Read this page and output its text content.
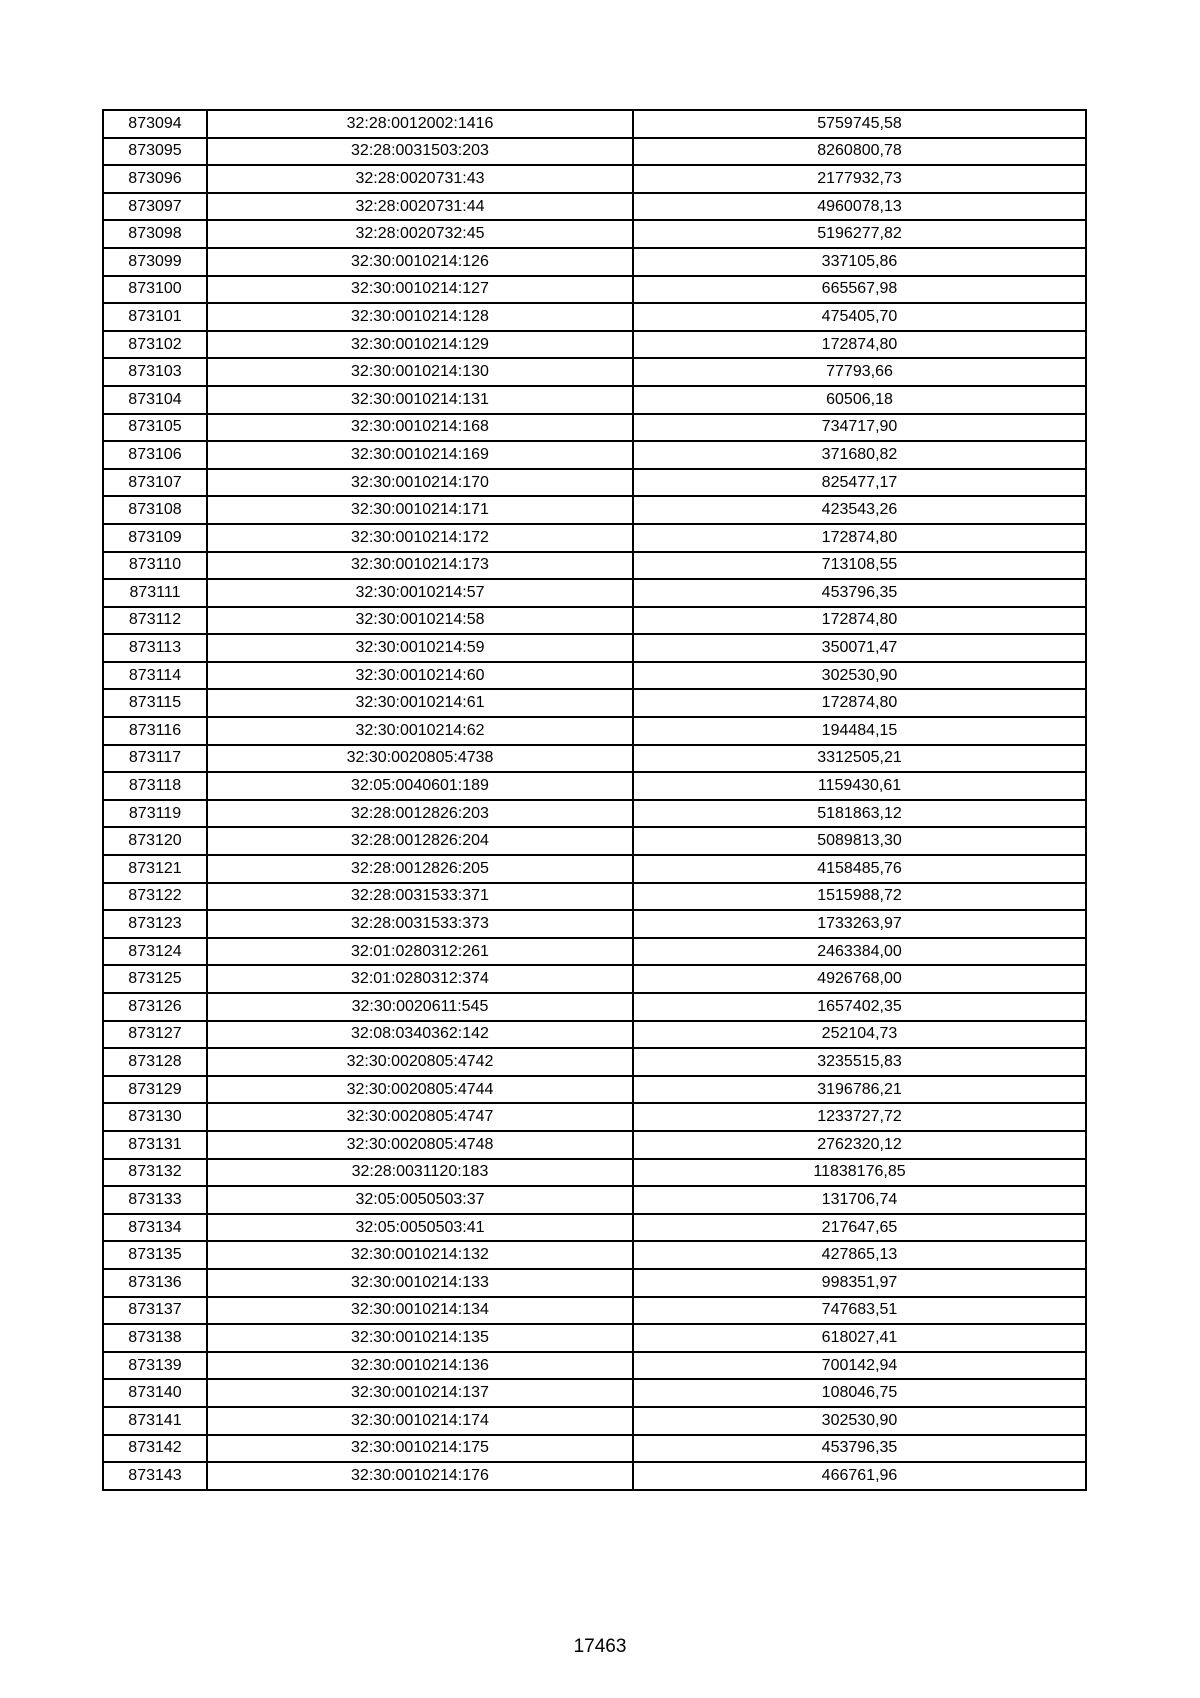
873094	32:28:0012002:1416	5759745,58
873095	32:28:0031503:203	8260800,78
873096	32:28:0020731:43	2177932,73
873097	32:28:0020731:44	4960078,13
873098	32:28:0020732:45	5196277,82
873099	32:30:0010214:126	337105,86
873100	32:30:0010214:127	665567,98
873101	32:30:0010214:128	475405,70
873102	32:30:0010214:129	172874,80
873103	32:30:0010214:130	77793,66
873104	32:30:0010214:131	60506,18
873105	32:30:0010214:168	734717,90
873106	32:30:0010214:169	371680,82
873107	32:30:0010214:170	825477,17
873108	32:30:0010214:171	423543,26
873109	32:30:0010214:172	172874,80
873110	32:30:0010214:173	713108,55
873111	32:30:0010214:57	453796,35
873112	32:30:0010214:58	172874,80
873113	32:30:0010214:59	350071,47
873114	32:30:0010214:60	302530,90
873115	32:30:0010214:61	172874,80
873116	32:30:0010214:62	194484,15
873117	32:30:0020805:4738	3312505,21
873118	32:05:0040601:189	1159430,61
873119	32:28:0012826:203	5181863,12
873120	32:28:0012826:204	5089813,30
873121	32:28:0012826:205	4158485,76
873122	32:28:0031533:371	1515988,72
873123	32:28:0031533:373	1733263,97
873124	32:01:0280312:261	2463384,00
873125	32:01:0280312:374	4926768,00
873126	32:30:0020611:545	1657402,35
873127	32:08:0340362:142	252104,73
873128	32:30:0020805:4742	3235515,83
873129	32:30:0020805:4744	3196786,21
873130	32:30:0020805:4747	1233727,72
873131	32:30:0020805:4748	2762320,12
873132	32:28:0031120:183	11838176,85
873133	32:05:0050503:37	131706,74
873134	32:05:0050503:41	217647,65
873135	32:30:0010214:132	427865,13
873136	32:30:0010214:133	998351,97
873137	32:30:0010214:134	747683,51
873138	32:30:0010214:135	618027,41
873139	32:30:0010214:136	700142,94
873140	32:30:0010214:137	108046,75
873141	32:30:0010214:174	302530,90
873142	32:30:0010214:175	453796,35
873143	32:30:0010214:176	466761,96
17463
